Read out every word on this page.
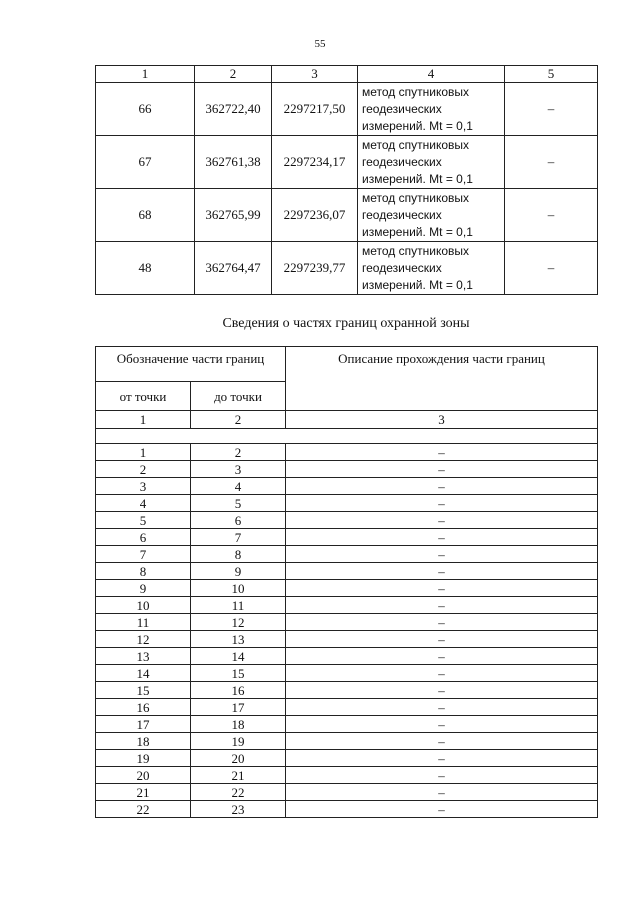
55
1	2	3	4	5
66	362722,40	2297217,50	метод спутниковых
геодезических
измерений. Mt = 0,1	–
67	362761,38	2297234,17	метод спутниковых
геодезических
измерений. Mt = 0,1	–
68	362765,99	2297236,07	метод спутниковых
геодезических
измерений. Mt = 0,1	–
48	362764,47	2297239,77	метод спутниковых
геодезических
измерений. Mt = 0,1	–
Сведения о частях границ охранной зоны
Обозначение части границ		Описание прохождения части границ
от точки	до точки	
1	2	3

1	2	–
2	3	–
3	4	–
4	5	–
5	6	–
6	7	–
7	8	–
8	9	–
9	10	–
10	11	–
11	12	–
12	13	–
13	14	–
14	15	–
15	16	–
16	17	–
17	18	–
18	19	–
19	20	–
20	21	–
21	22	–
22	23	–
